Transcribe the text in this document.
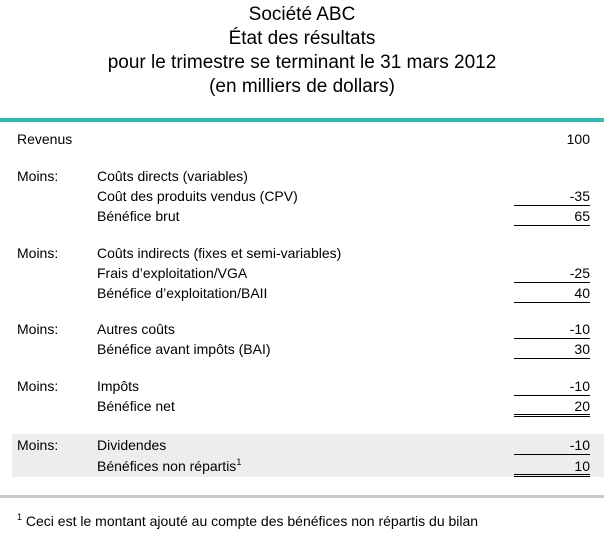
Société ABC
État des résultats
pour le trimestre se terminant le 31 mars 2012
(en milliers de dollars)
Revenus	100
Moins:	Coûts directs (variables)
Coût des produits vendus (CPV)	-35
Bénéfice brut	65
Moins:	Coûts indirects (fixes et semi-variables)
Frais d’exploitation/VGA	-25
Bénéfice d’exploitation/BAII	40
Moins:	Autres coûts	-10
Bénéfice avant impôts (BAI)	30
Moins:	Impôts	-10
Bénéfice net	20
Moins:	Dividendes	-10
Bénéfices non répartis$^1$	10
$^1$ Ceci est le montant ajouté au compte des bénéfices non répartis du bilan
